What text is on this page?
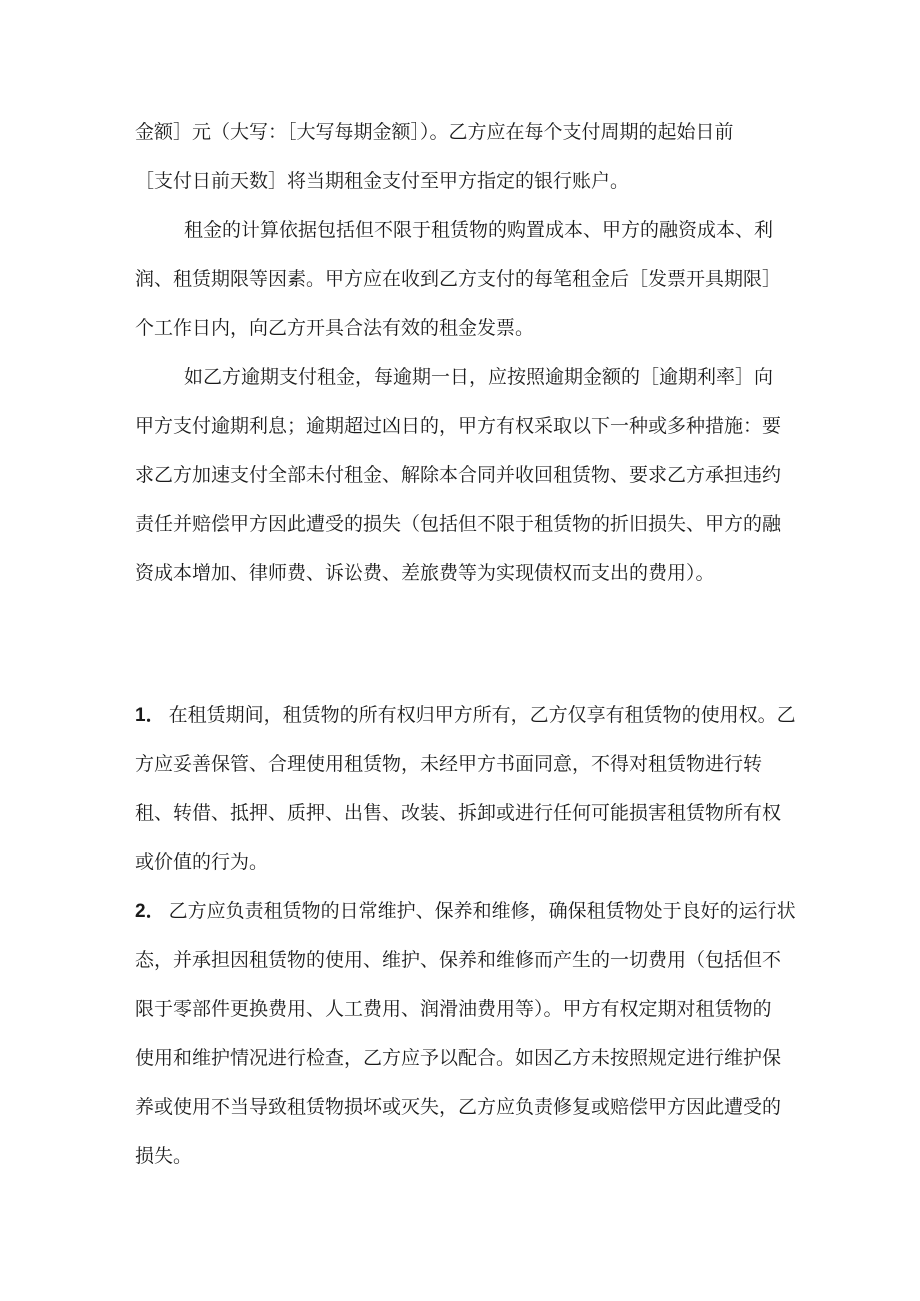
金额］元（大写：［大写每期金额］）。乙方应在每个支付周期的起始日前
［支付日前天数］将当期租金支付至甲方指定的银行账户。
租金的计算依据包括但不限于租赁物的购置成本、甲方的融资成本、利
润、租赁期限等因素。甲方应在收到乙方支付的每笔租金后［发票开具期限］
个工作日内，向乙方开具合法有效的租金发票。
如乙方逾期支付租金，每逾期一日，应按照逾期金额的［逾期利率］向
甲方支付逾期利息；逾期超过凶日的，甲方有权采取以下一种或多种措施：要
求乙方加速支付全部未付租金、解除本合同并收回租赁物、要求乙方承担违约
责任并赔偿甲方因此遭受的损失（包括但不限于租赁物的折旧损失、甲方的融
资成本增加、律师费、诉讼费、差旅费等为实现债权而支出的费用）。
1． 在租赁期间，租赁物的所有权归甲方所有，乙方仅享有租赁物的使用权。乙
方应妥善保管、合理使用租赁物，未经甲方书面同意，不得对租赁物进行转
租、转借、抵押、质押、出售、改装、拆卸或进行任何可能损害租赁物所有权
或价值的行为。
2． 乙方应负责租赁物的日常维护、保养和维修，确保租赁物处于良好的运行状
态，并承担因租赁物的使用、维护、保养和维修而产生的一切费用（包括但不
限于零部件更换费用、人工费用、润滑油费用等）。甲方有权定期对租赁物的
使用和维护情况进行检查，乙方应予以配合。如因乙方未按照规定进行维护保
养或使用不当导致租赁物损坏或灭失，乙方应负责修复或赔偿甲方因此遭受的
损失。
